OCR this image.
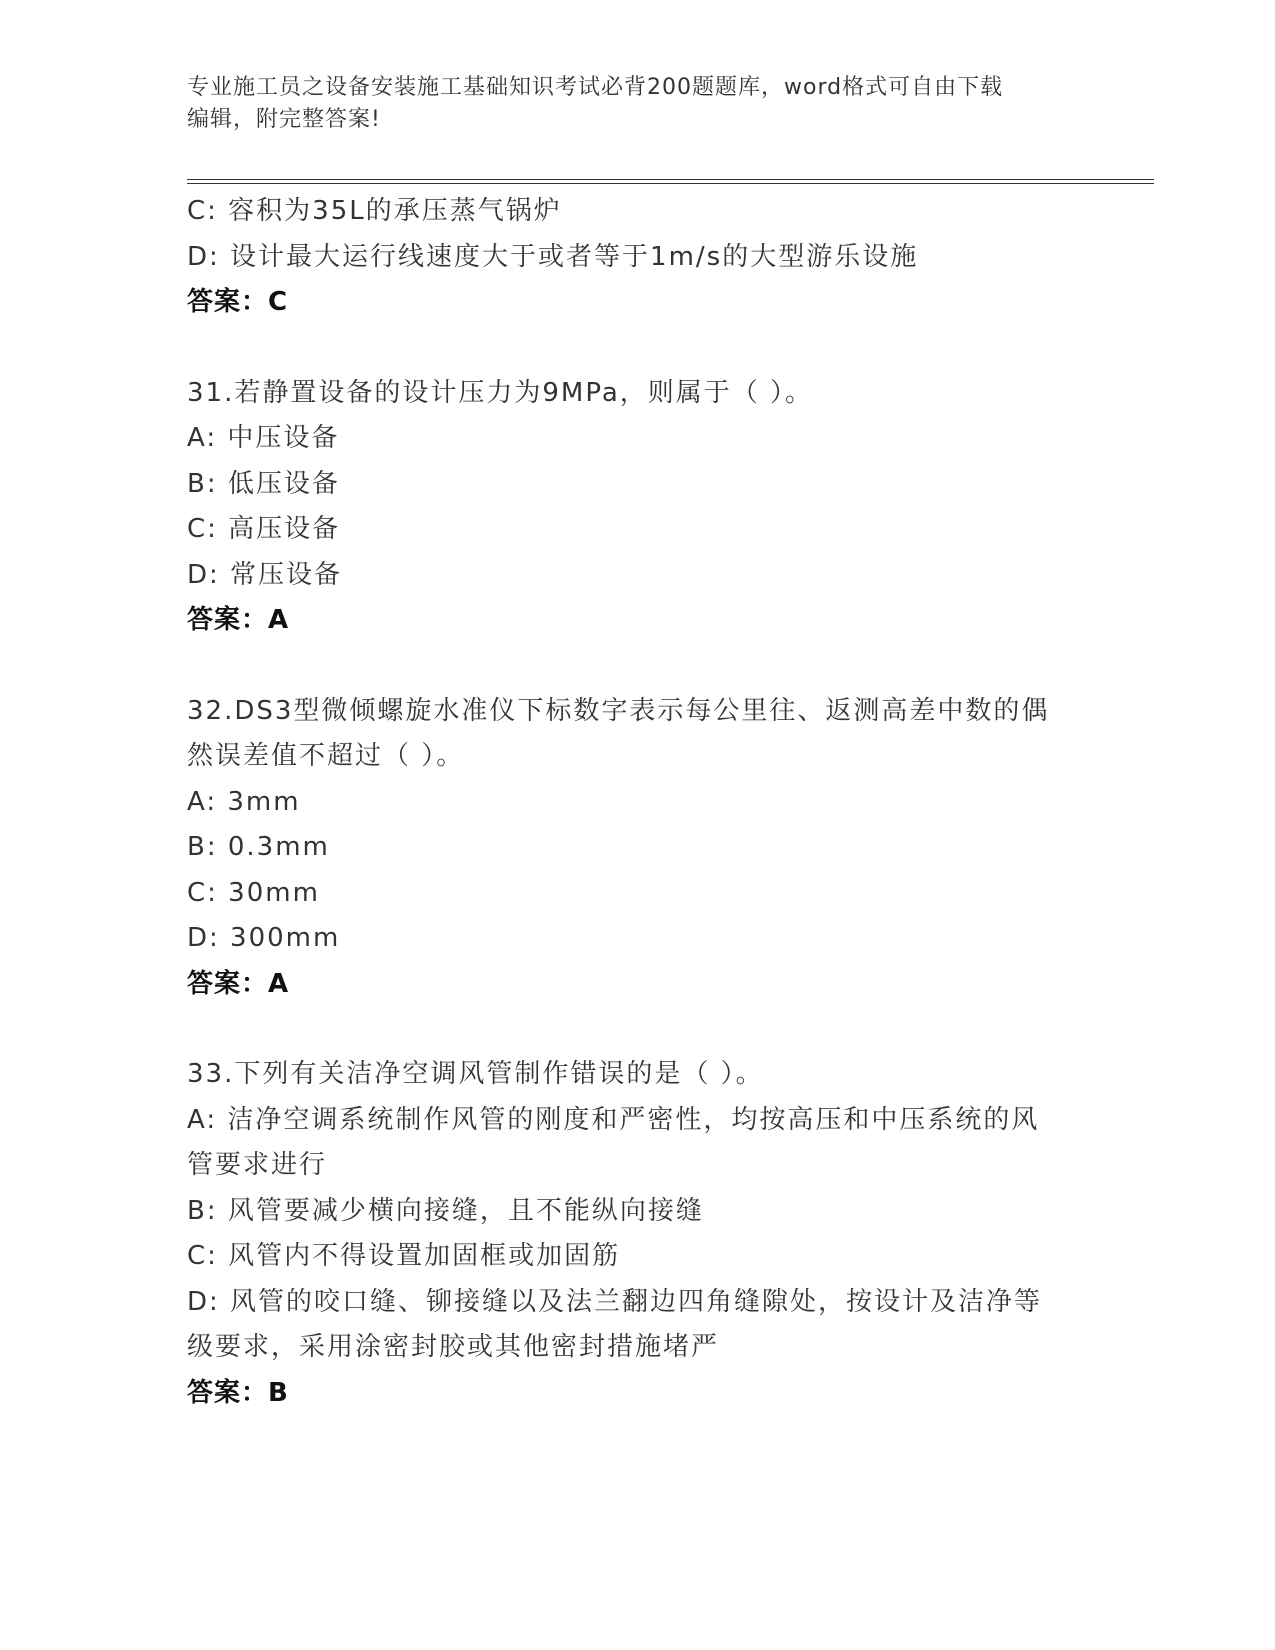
专业施工员之设备安装施工基础知识考试必背200题题库，word格式可自由下载
编辑，附完整答案!
C: 容积为35L的承压蒸气锅炉
D: 设计最大运行线速度大于或者等于1m/s的大型游乐设施
答案：C
31.若静置设备的设计压力为9MPa，则属于（ ）。
A: 中压设备
B: 低压设备
C: 高压设备
D: 常压设备
答案：A
32.DS3型微倾螺旋水准仪下标数字表示每公里往、返测高差中数的偶
然误差值不超过（ ）。
A: 3mm
B: 0.3mm
C: 30mm
D: 300mm
答案：A
33.下列有关洁净空调风管制作错误的是（ ）。
A: 洁净空调系统制作风管的刚度和严密性，均按高压和中压系统的风
管要求进行
B: 风管要减少横向接缝，且不能纵向接缝
C: 风管内不得设置加固框或加固筋
D: 风管的咬口缝、铆接缝以及法兰翻边四角缝隙处，按设计及洁净等
级要求，采用涂密封胶或其他密封措施堵严
答案：B
